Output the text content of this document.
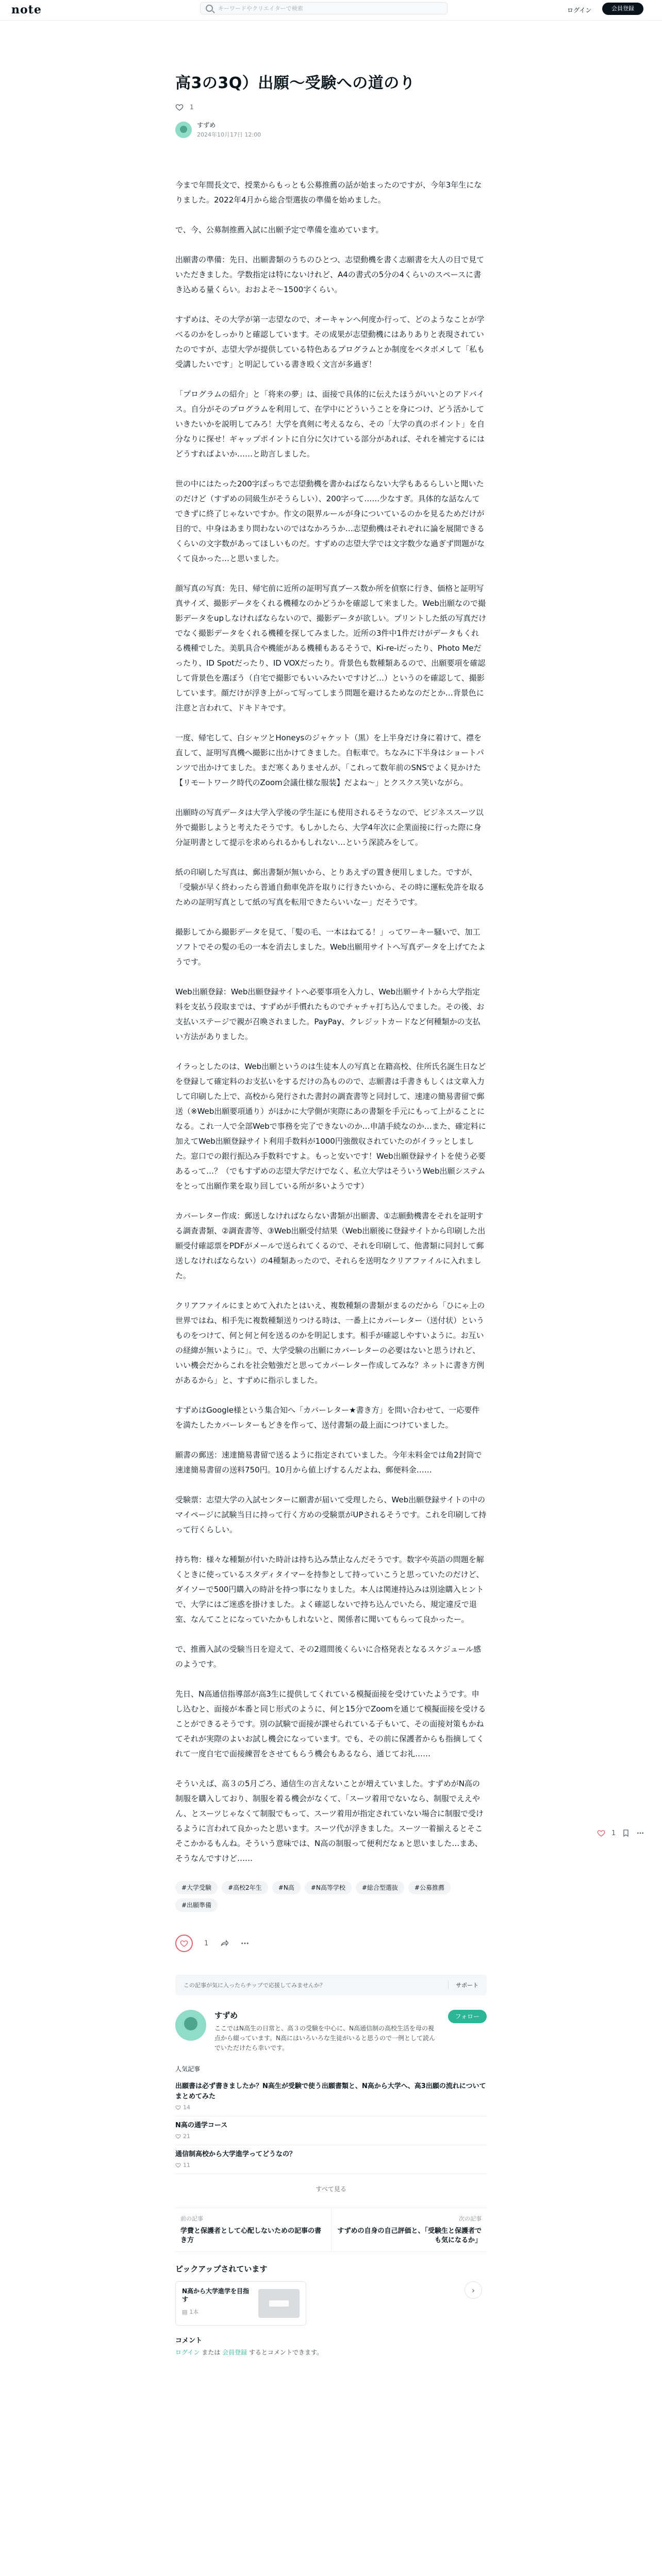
note
キーワードやクリエイターで検索	ログイン	会員登録
高3の3Q）出願〜受験への道のり
1
すずめ
2024年10月17日 12:00

今まで年間長文で、授業からもっとも公募推薦の話が始まったのですが、今年3年生になりました。2022年4月から総合型選抜の準備を始めました。

で、今、公募制推薦入試に出願予定で準備を進めています。

出願書の準備：先日、出願書類のうちのひとつ、志望動機を書く志願書を大人の目で見ていただきました。学数指定は特にないけれど、A4の書式の5分の4くらいのスペースに書き込める量くらい。おおよそ〜1500字くらい。

すずめは、その大学が第一志望なので、オーキャンへ何度か行って、どのようなことが学べるのかをしっかりと確認しています。その成果が志望動機にはありありと表現されていたのですが、志望大学が提供している特色あるプログラムとか制度をベタボメして「私も受講したいです」と明記している書き殴く文言が多過ぎ！

「プログラムの紹介」と「将来の夢」は、面接で具体的に伝えたほうがいいとのアドバイス。自分がそのプログラムを利用して、在学中にどういうことを身につけ、どう活かしていきたいかを説明してみろ！大学を真剣に考えるなら、その「大学の真のポイント」を自分なりに探せ！ギャップポイントに自分に欠けている部分があれば、それを補完するにはどうすればよいか……と助言しました。

世の中にはたった200字ぽっちで志望動機を書かねばならない大学もあるらしいと聞いたのだけど（すずめの同級生がそうらしい）、200字って……少なすぎ。具体的な話なんてできずに終了じゃないですか。作文の限界ルールが身についているのかを見るためだけが目的で、中身はあまり問わないのではなかろうか…志望動機はそれぞれに論を展開できるくらいの文字数があってほしいものだ。すずめの志望大学では文字数少な過ぎず問題がなくて良かった…と思いました。

顔写真の写真：先日、帰宅前に近所の証明写真ブース数か所を偵察に行き、価格と証明写真サイズ、撮影データをくれる機種なのかどうかを確認して来ました。Web出願なので撮影データをupしなければならないので、撮影データが欲しい。プリントした紙の写真だけでなく撮影データをくれる機種を探してみました。近所の3件中1件だけがデータもくれる機種でした。美肌具合や機能がある機種もあるそうで、Ki-re-iだったり、Photo Meだったり、ID Spotだったり、ID VOXだったり。背景色も数種類あるので、出願要項を確認して背景色を選ぼう（自宅で撮影でもいいみたいですけど…）というのを確認して、撮影しています。顔だけが浮き上がって写ってしまう問題を避けるためなのだとか…背景色に注意と言われて、ドキドキです。

一度、帰宅して、白シャツとHoneysのジャケット（黒）を上半身だけ身に着けて、襟を直して、証明写真機へ撮影に出かけてきました。自転車で。ちなみに下半身はショートパンツで出かけてました。まだ寒くありませんが、「これって数年前のSNSでよく見かけた【リモートワーク時代のZoom会議仕様な服装】だよね〜」とクスクス笑いながら。

出願時の写真データは大学入学後の学生証にも使用されるそうなので、ビジネススーツ以外で撮影しようと考えたそうです。もしかしたら、大学4年次に企業面接に行った際に身分証明書として提示を求められるかもしれない…という深読みをして。

紙の印刷した写真は、郵出書類が無いから、とりあえずの置き便用しました。ですが、「受験が早く終わったら普通自動車免許を取りに行きたいから、その時に運転免許を取るための証明写真として紙の写真を転用できたらいいなー」だそうです。

撮影してから撮影データを見て、「髪の毛、一本はねてる！」ってワーキー騒いで、加工ソフトでその髪の毛の一本を消去しました。Web出願用サイトへ写真データを上げてたようです。

Web出願登録：Web出願登録サイトへ必要事項を入力し、Web出願サイトから大学指定料を支払う段取までは、すずめが手慣れたものでチャチャ打ち込んでました。その後、お支払いステージで親が召喚されました。PayPay、クレジットカードなど何種類かの支払い方法がありました。

イラっとしたのは、Web出願というのは生徒本人の写真と在籍高校、住所氏名誕生日などを登録して確定料のお支払いをするだけの為ものので、志願書は手書きもしくは文章入力して印刷した上で、高校から発行された書封の調査書等と同封して、速達の簡易書留で郵送（※Web出願要項通り）がほかに大学側が実際にあの書類を手元にもって上がることになる。これ一人で全部Webで事務を完了できないのか…申請手続なのか…また、確定料に加えてWeb出願登録サイト利用手数料が1000円強徴収されていたのがイラッとしました。窓口での銀行振込み手数料ですよ。もっと安いです！Web出願登録サイトを使う必要あるって…？（でもすずめの志望大学だけでなく、私立大学はそういうWeb出願システムをとって出願作業を取り回している所が多いようです）

カバーレター作成：郵送しなければならない書類が出願書、①志願動機書をそれを証明する調査書類、②調査書等、③Web出願受付結果（Web出願後に登録サイトから印刷した出願受付確認票をPDFがメールで送られてくるので、それを印刷して、他書類に同封して郵送しなければならない）の4種類あったので、それらを送明なクリアファイルに入れました。

クリアファイルにまとめて入れたとはいえ、複数種類の書類がまるのだから「ひにゃ上の世界ではね、相手先に複数種類送りつける時は、一番上にカバーレター（送付状）というものをつけて、何と何と何を送るのかを明記します。相手が確認しやすいように。お互いの経緯が無いように」。で、大学受験の出願にカバーレターの必要はないと思うけれど、いい機会だからこれを社会勉強だと思ってカバーレター作成してみな？ネットに書き方例があるから」と、すずめに指示しました。

すずめはGoogle様という集合知へ「カバーレター★書き方」を問い合わせて、一応要件を満たしたカバーレターもどきを作って、送付書類の最上面につけていました。

願書の郵送：速達簡易書留で送るように指定されていました。今年未料金では角2封筒で速達簡易書留の送料750円。10月から値上げするんだよね、郵便料金……

受験票：志望大学の入試センターに願書が届いて受理したら、Web出願登録サイトの中のマイページに試験当日に持って行く方めの受験票がUPされるそうです。これを印刷して持って行くらしい。

持ち物：様々な種類が付いた時計は持ち込み禁止なんだそうです。数字や英語の問題を解くときに使っているスタディタイマーを持参として持っていこうと思っていたのだけど、ダイソーで500円購入の時計を持つ事になりました。本人は関連持込みは別途購入ヒントで、大学にはご迷惑を掛けました。よく確認しないで持ち込んでいたら、規定違反で退室、なんてことになっていたかもしれないと、関係者に聞いてもらって良かったー。

で、推薦入試の受験当日を迎えて、その2週間後くらいに合格発表となるスケジュール感のようです。

先日、N高通信指導部が高3生に提供してくれている模擬面接を受けていたようです。申し込むと、面接が本番と同じ形式のように、何と15分でZoomを通じて模擬面接を受けることができるそうです。別の試験で面接が課せられている子もいて、その面接対策もかねてそれが実際のよいお試し機会になっています。でも、その前に保護者からも指摘してくれて一度自宅で面接練習をさせてもらう機会もあるなら、通じてお礼……

そういえば、高３の5月ごろ、通信生の言えないことが増えていました。すずめがN高の制服を購入しており、制服を着る機会がなくて、「スーツ着用でないなら、制服でええやん、とスーツじゃなくて制服でもって、スーツ着用が指定されていない場合に制服で受けるように言われて良かったと思います。スーツ代が浮きました。スーツ一着揃えるとそこそこかかるもんね。そういう意味では、N高の制服って便利だなぁと思いました…まあ、そうなんですけど……

#大学受験	#高校2年生	#N高	#N高等学校	#総合型選抜	#公募推薦
#出願準備
1
この記事が気に入ったらチップで応援してみませんか？	サポート
すずめ
ここではN高生の日常と、高３の受験を中心に、N高通信制の高校生活を母の視点から綴っています。N高にはいろいろな生徒がいると思うので一例として読んでいただけたら幸いです。
フォロー
人気記事
出願書は必ず書きましたか？N高生が受験で使う出願書類と、N高から大学へ、高3出願の流れについてまとめてみた
14
N高の通学コース
21
通信制高校から大学進学ってどうなの？
11
すべて見る
前の記事
学費と保護者として心配しないための記事の書き方
次の記事
すずめの自身の自己評価と、「受験生と保護者でも気になるか」
ピックアップされています
N高から大学進学を目指す
▤ 1本
›
コメント
ログイン または 会員登録 するとコメントできます。
1
